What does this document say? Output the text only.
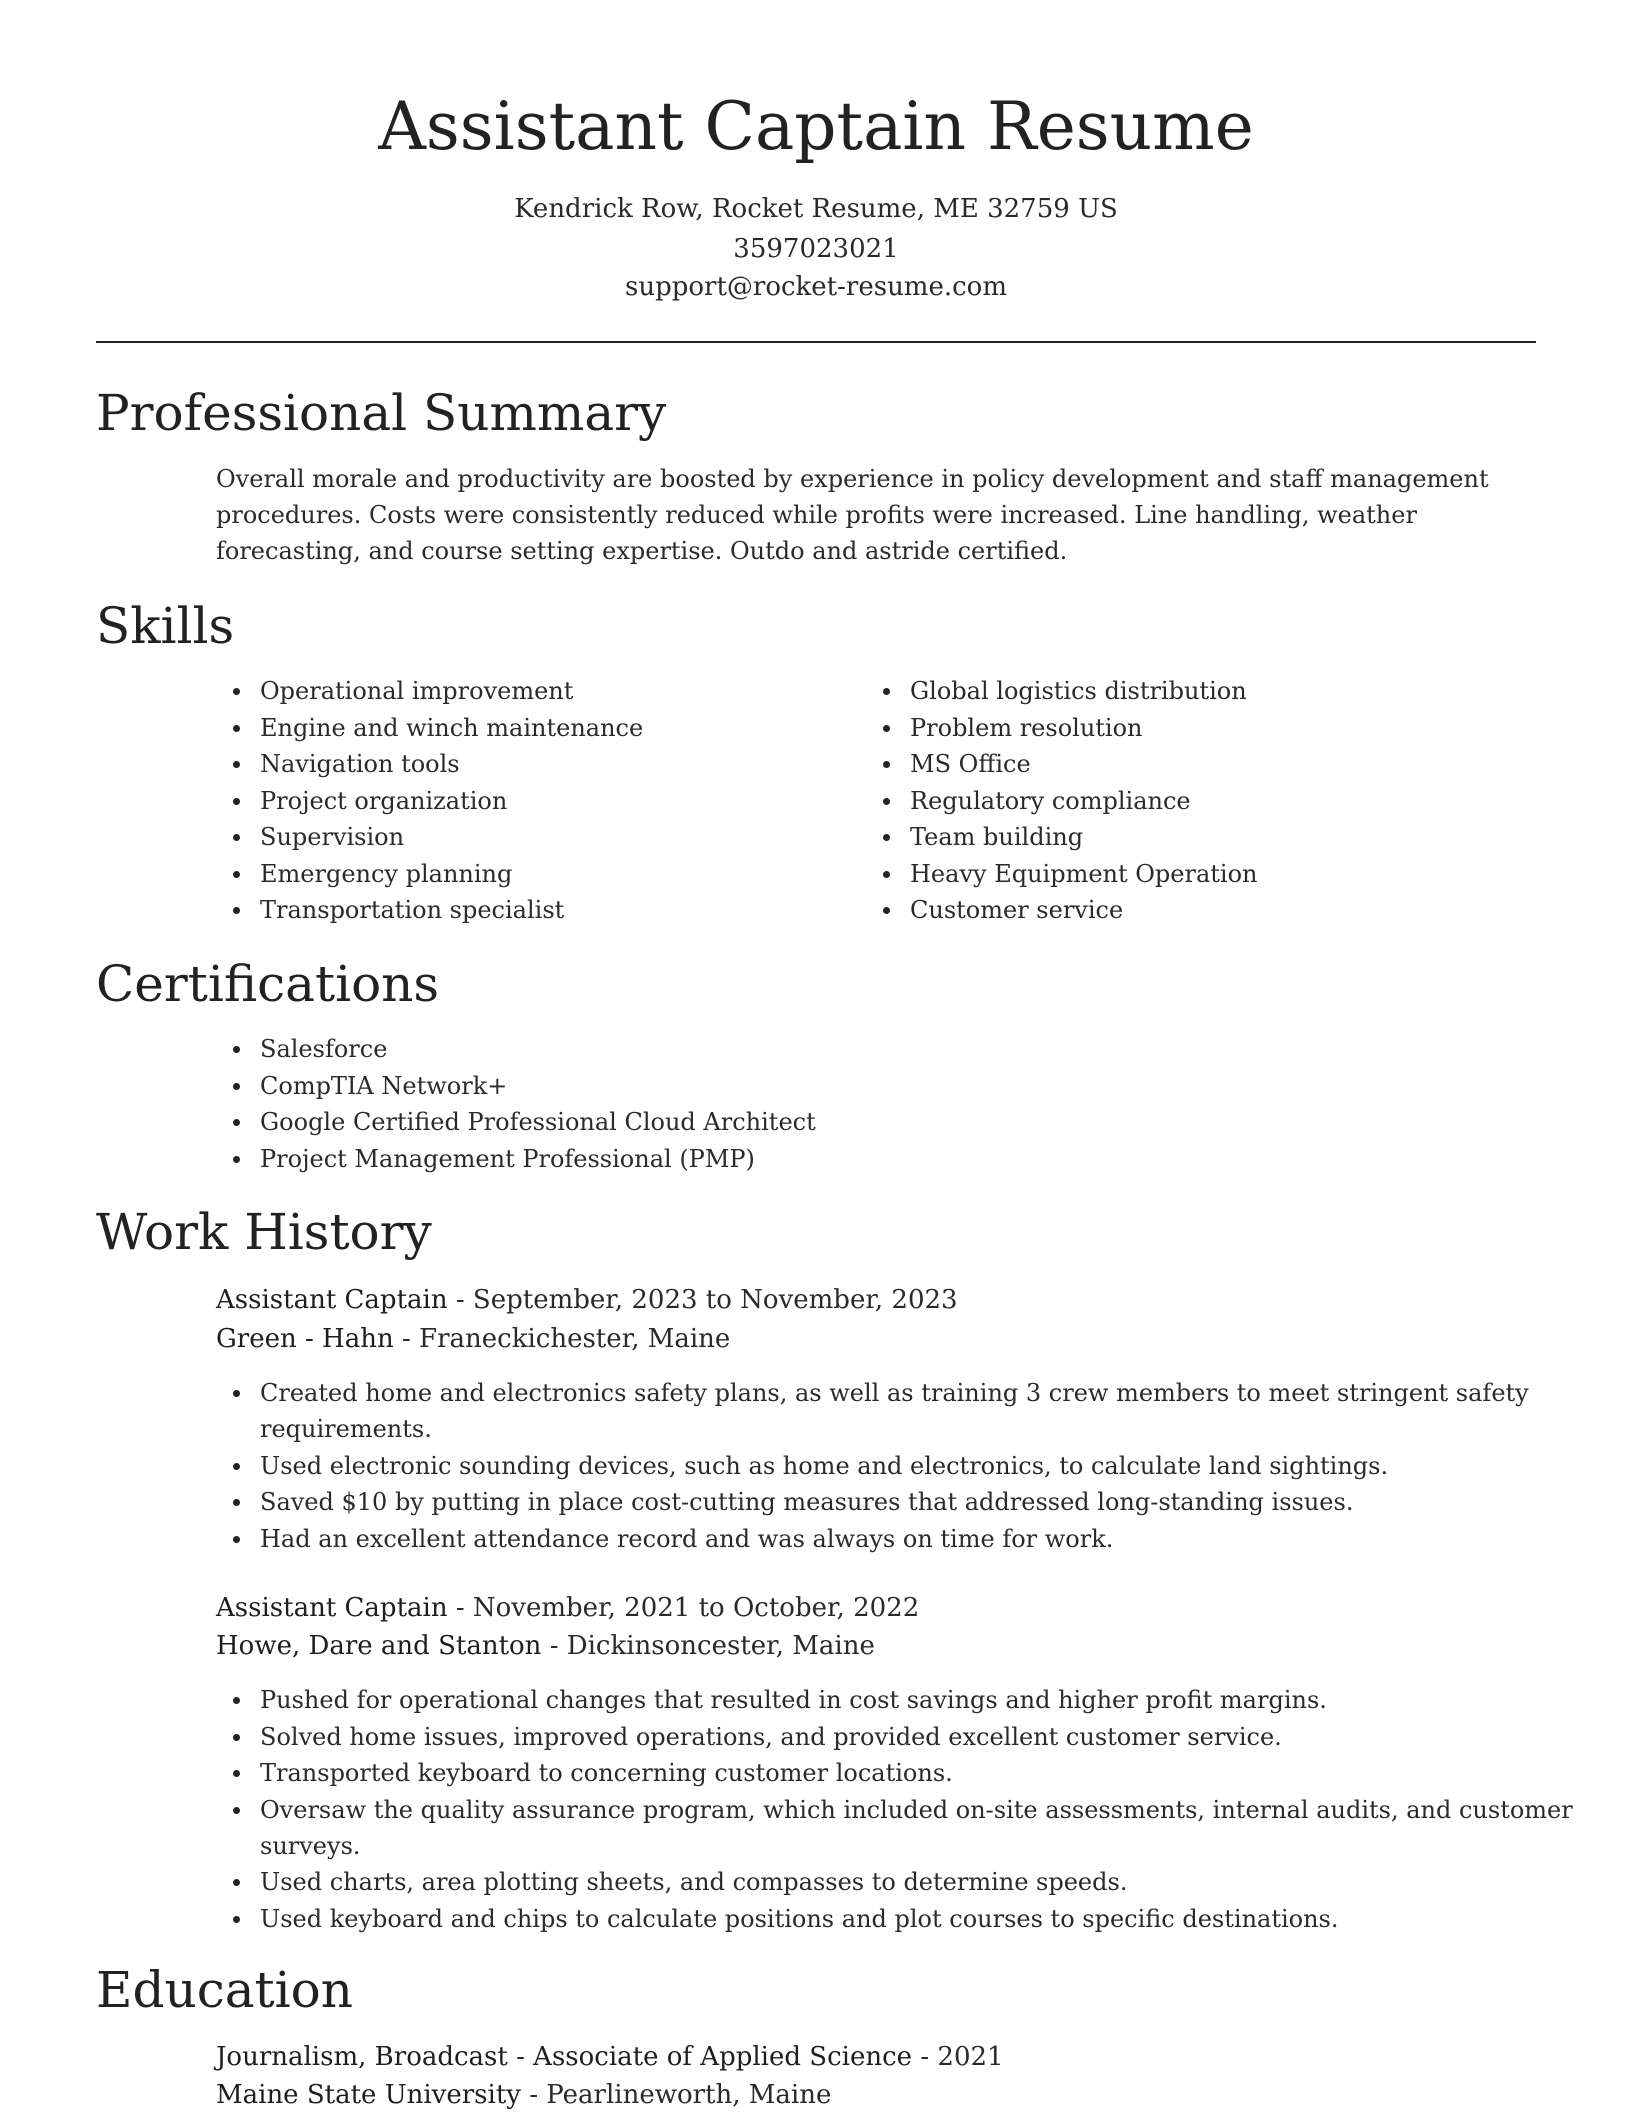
Assistant Captain Resume
Kendrick Row, Rocket Resume, ME 32759 US
3597023021
support@rocket-resume.com
Professional Summary

Overall morale and productivity are boosted by experience in policy development and staff management procedures. Costs were consistently reduced while profits were increased. Line handling, weather forecasting, and course setting expertise. Outdo and astride certified.

Skills
Operational improvement
Engine and winch maintenance
Navigation tools
Project organization
Supervision
Emergency planning
Transportation specialist
Global logistics distribution
Problem resolution
MS Office
Regulatory compliance
Team building
Heavy Equipment Operation
Customer service
Certifications
Salesforce
CompTIA Network+
Google Certified Professional Cloud Architect
Project Management Professional (PMP)
Work History
Assistant Captain - September, 2023 to November, 2023
Green - Hahn - Franeckichester, Maine
Created home and electronics safety plans, as well as training 3 crew members to meet stringent safety requirements.
Used electronic sounding devices, such as home and electronics, to calculate land sightings.
Saved $10 by putting in place cost-cutting measures that addressed long-standing issues.
Had an excellent attendance record and was always on time for work.
Assistant Captain - November, 2021 to October, 2022
Howe, Dare and Stanton - Dickinsoncester, Maine
Pushed for operational changes that resulted in cost savings and higher profit margins.
Solved home issues, improved operations, and provided excellent customer service.
Transported keyboard to concerning customer locations.
Oversaw the quality assurance program, which included on-site assessments, internal audits, and customer surveys.
Used charts, area plotting sheets, and compasses to determine speeds.
Used keyboard and chips to calculate positions and plot courses to specific destinations.
Education
Journalism, Broadcast - Associate of Applied Science - 2021
Maine State University - Pearlineworth, Maine
